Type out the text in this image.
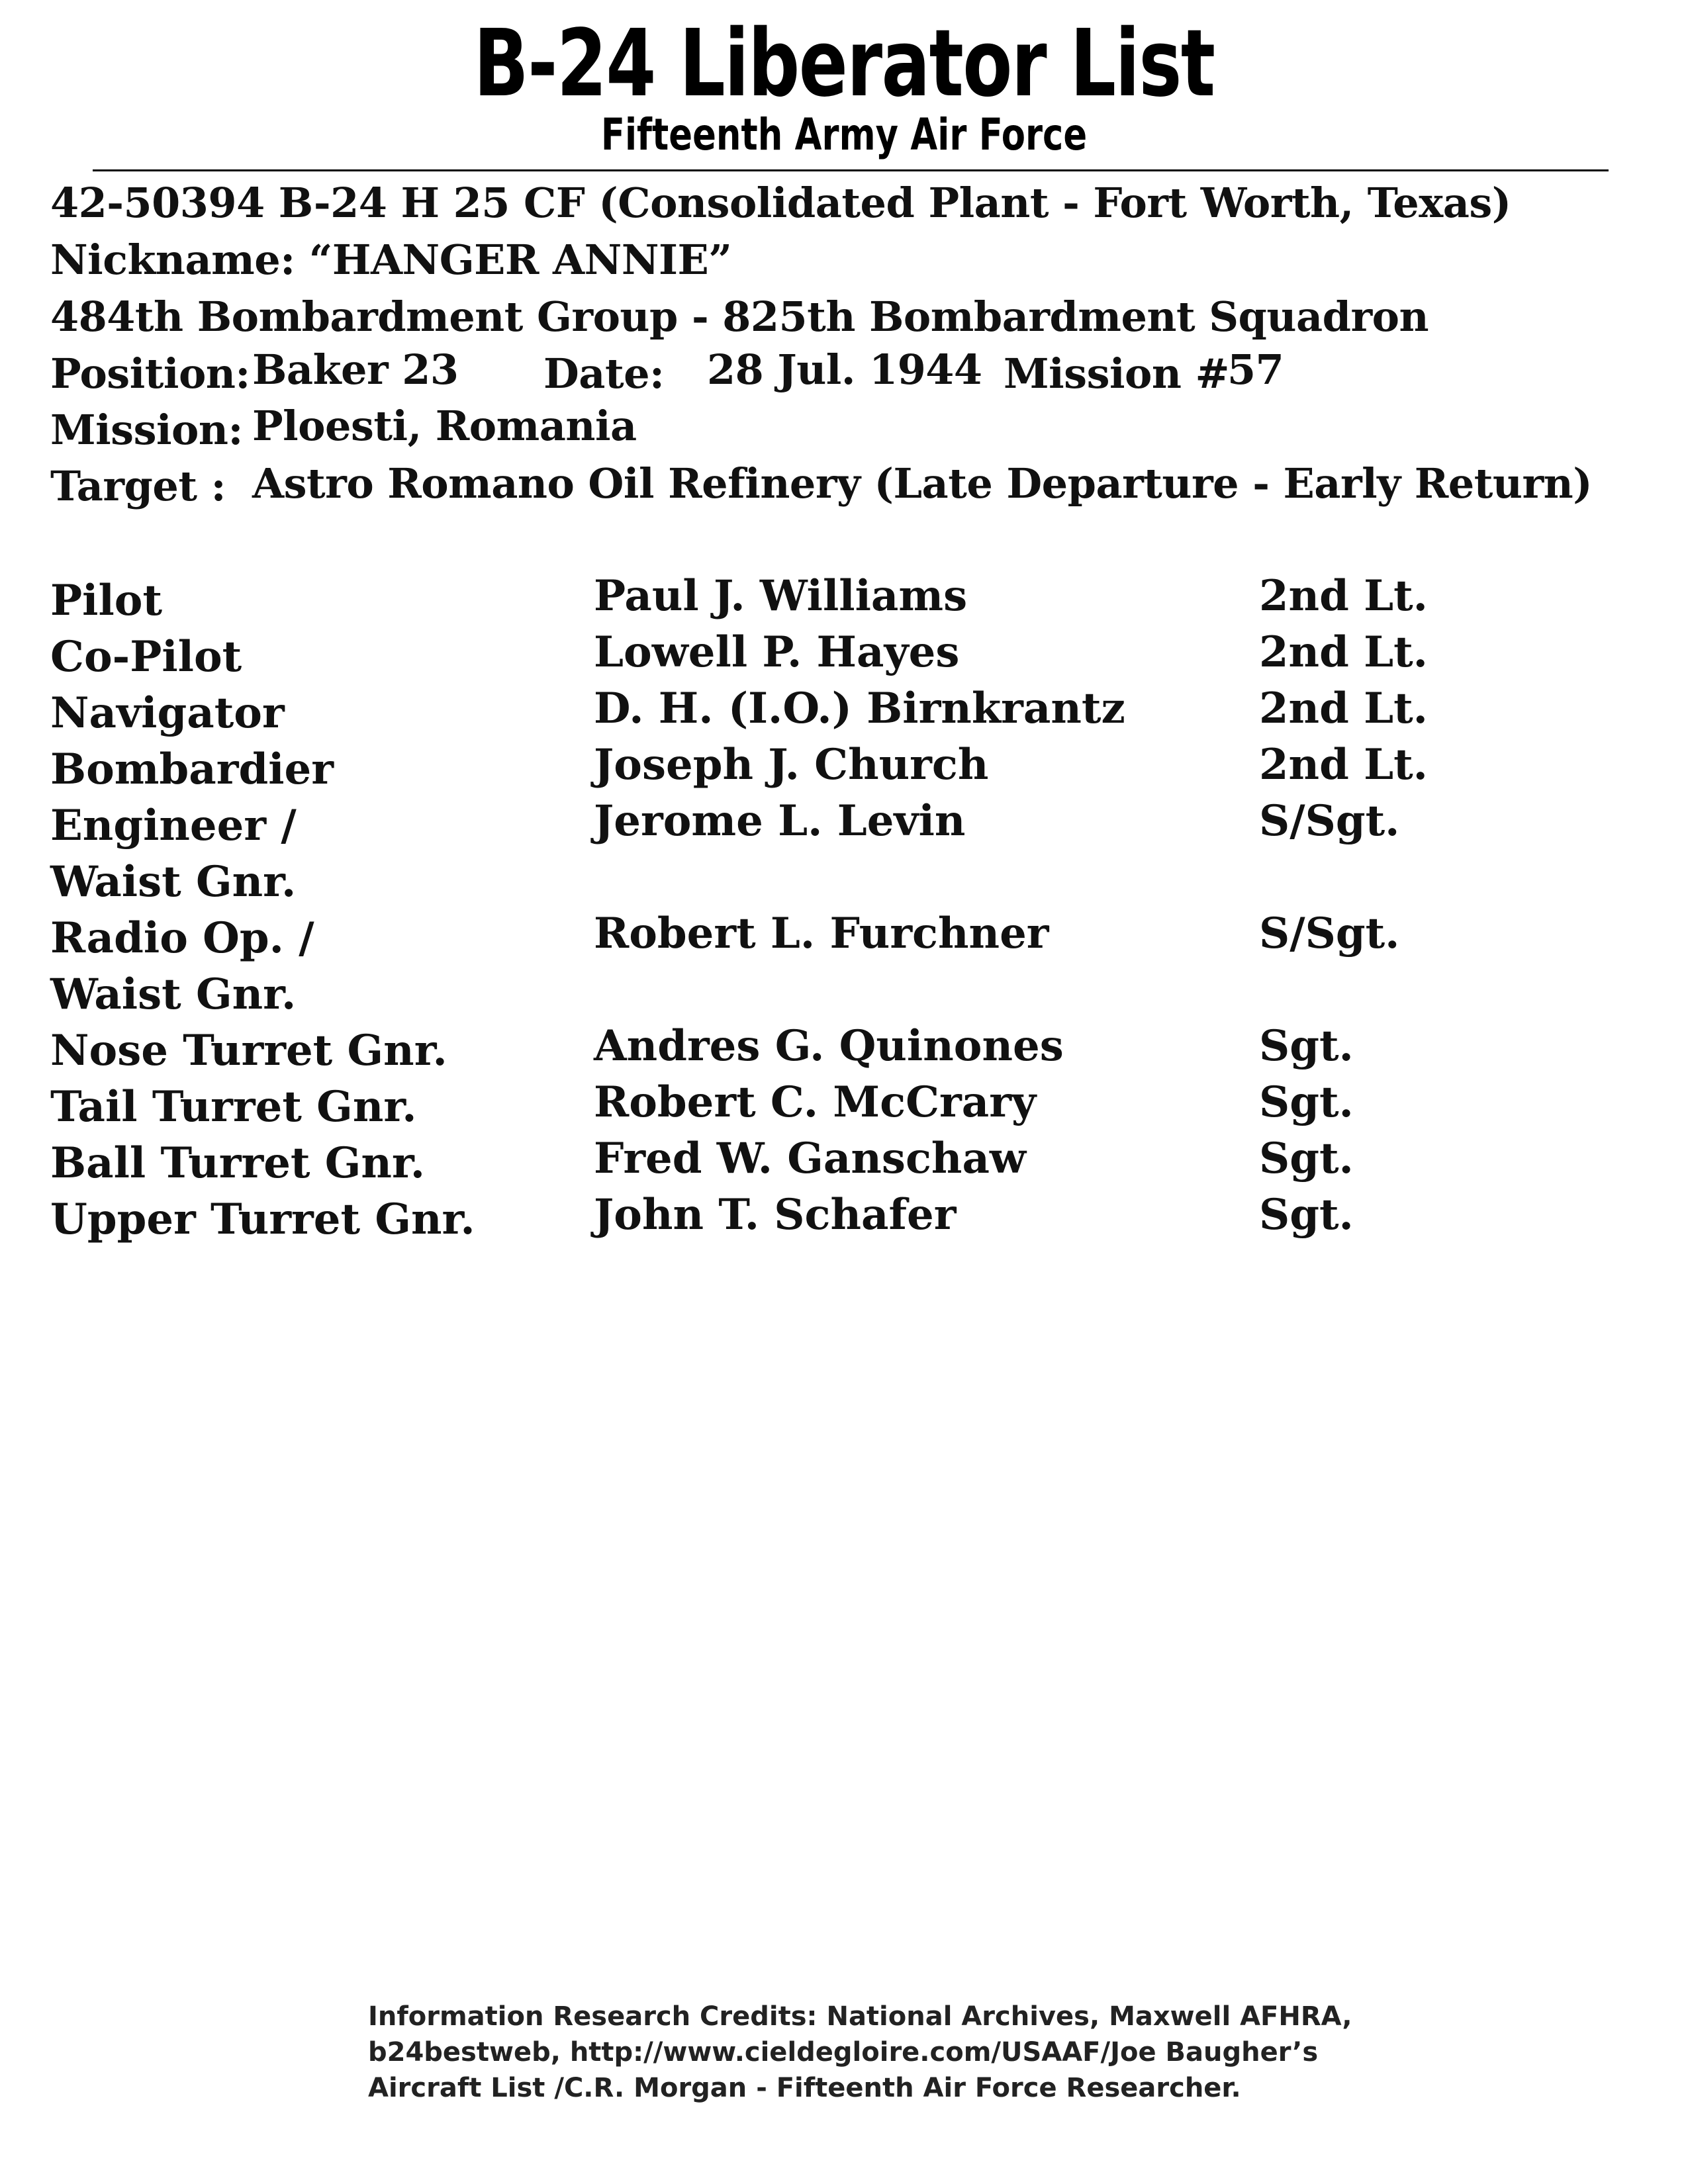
B-24 Liberator List
Fifteenth Army Air Force
42-50394 B-24 H 25 CF (Consolidated Plant - Fort Worth, Texas)
Nickname: “HANGER ANNIE”
484th Bombardment Group - 825th Bombardment Squadron
Position: Baker 23 Date: 28 Jul. 1944 Mission #
57
Mission: Ploesti, Romania
Target : Astro Romano Oil Refinery (Late Departure - Early Return)
Pilot	Paul J. Williams	2nd Lt.
Co-Pilot	Lowell P. Hayes	2nd Lt.
Navigator	D. H. (I.O.) Birnkrantz	2nd Lt.
Bombardier	Joseph J. Church	2nd Lt.
Engineer /
Waist Gnr.
Jerome L. Levin	S/Sgt.
Radio Op. /
Waist Gnr.
Robert L. Furchner	S/Sgt.
Nose Turret Gnr.	Andres G. Quinones	Sgt.
Tail Turret Gnr.	Robert C. McCrary	Sgt.
Ball Turret Gnr.	Fred W. Ganschaw	Sgt.
Upper Turret Gnr.	John T. Schafer	Sgt.
Information Research Credits: National Archives, Maxwell AFHRA,
b24bestweb, http://www.cieldegloire.com/USAAF/Joe Baugher’s
Aircraft List /C.R. Morgan - Fifteenth Air Force Researcher.
